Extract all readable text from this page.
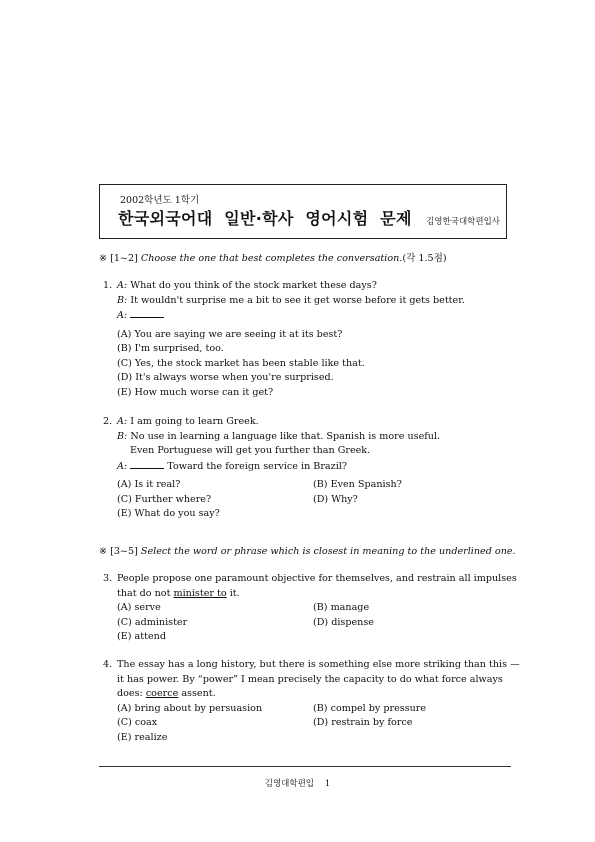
2002학년도 1학기
한국외국어대  일반·학사  영어시험  문제 김영한국대학편입사
※ [1~2] Choose the one that best completes the conversation.(각 1.5점)
1. A: What do you think of the stock market these days?
B: It wouldn't surprise me a bit to see it get worse before it gets better.
A:
(A) You are saying we are seeing it at its best?
(B) I'm surprised, too.
(C) Yes, the stock market has been stable like that.
(D) It's always worse when you're surprised.
(E) How much worse can it get?
2. A: I am going to learn Greek.
B: No use in learning a language like that. Spanish is more useful.
Even Portuguese will get you further than Greek.
A:	Toward the foreign service in Brazil?
(A) Is it real?	(B) Even Spanish?
(C) Further where?	(D) Why?
(E) What do you say?
※ [3~5] Select the word or phrase which is closest in meaning to the underlined one.
3. People propose one paramount objective for themselves, and restrain all impulses
that do not minister to it.
(A) serve	(B) manage
(C) administer	(D) dispense
(E) attend
4. The essay has a long history, but there is something else more striking than this —
it has power. By “power” I mean precisely the capacity to do what force always
does: coerce assent.
(A) bring about by persuasion	(B) compel by pressure
(C) coax	(D) restrain by force
(E) realize
김영대학편입 1
